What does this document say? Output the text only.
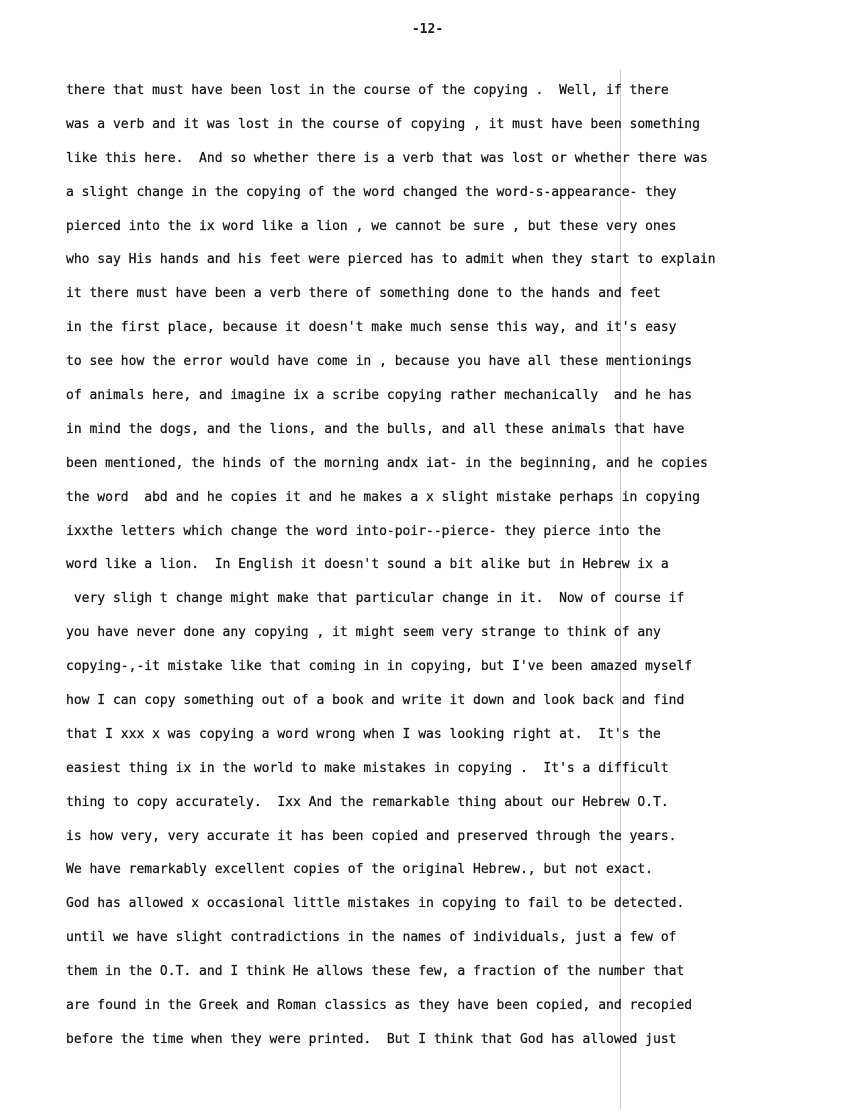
-12-
there that must have been lost in the course of the copying .  Well, if there
was a verb and it was lost in the course of copying , it must have been something
like this here.  And so whether there is a verb that was lost or whether there was
a slight change in the copying of the word changed the word-s-appearance- they
pierced into the ix word like a lion , we cannot be sure , but these very ones
who say His hands and his feet were pierced has to admit when they start to explain
it there must have been a verb there of something done to the hands and feet
in the first place, because it doesn't make much sense this way, and it's easy
to see how the error would have come in , because you have all these mentionings
of animals here, and imagine ix a scribe copying rather mechanically  and he has
in mind the dogs, and the lions, and the bulls, and all these animals that have
been mentioned, the hinds of the morning andx iat- in the beginning, and he copies
the word  abd and he copies it and he makes a x slight mistake perhaps in copying
ixxthe letters which change the word into-poir--pierce- they pierce into the
word like a lion.  In English it doesn't sound a bit alike but in Hebrew ix a
very sligh t change might make that particular change in it.  Now of course if
you have never done any copying , it might seem very strange to think of any
copying-,-it mistake like that coming in in copying, but I've been amazed myself
how I can copy something out of a book and write it down and look back and find
that I xxx x was copying a word wrong when I was looking right at.  It's the
easiest thing ix in the world to make mistakes in copying .  It's a difficult
thing to copy accurately.  Ixx And the remarkable thing about our Hebrew O.T.
is how very, very accurate it has been copied and preserved through the years.
We have remarkably excellent copies of the original Hebrew., but not exact.
God has allowed x occasional little mistakes in copying to fail to be detected.
until we have slight contradictions in the names of individuals, just a few of
them in the O.T. and I think He allows these few, a fraction of the number that
are found in the Greek and Roman classics as they have been copied, and recopied
before the time when they were printed.  But I think that God has allowed just
